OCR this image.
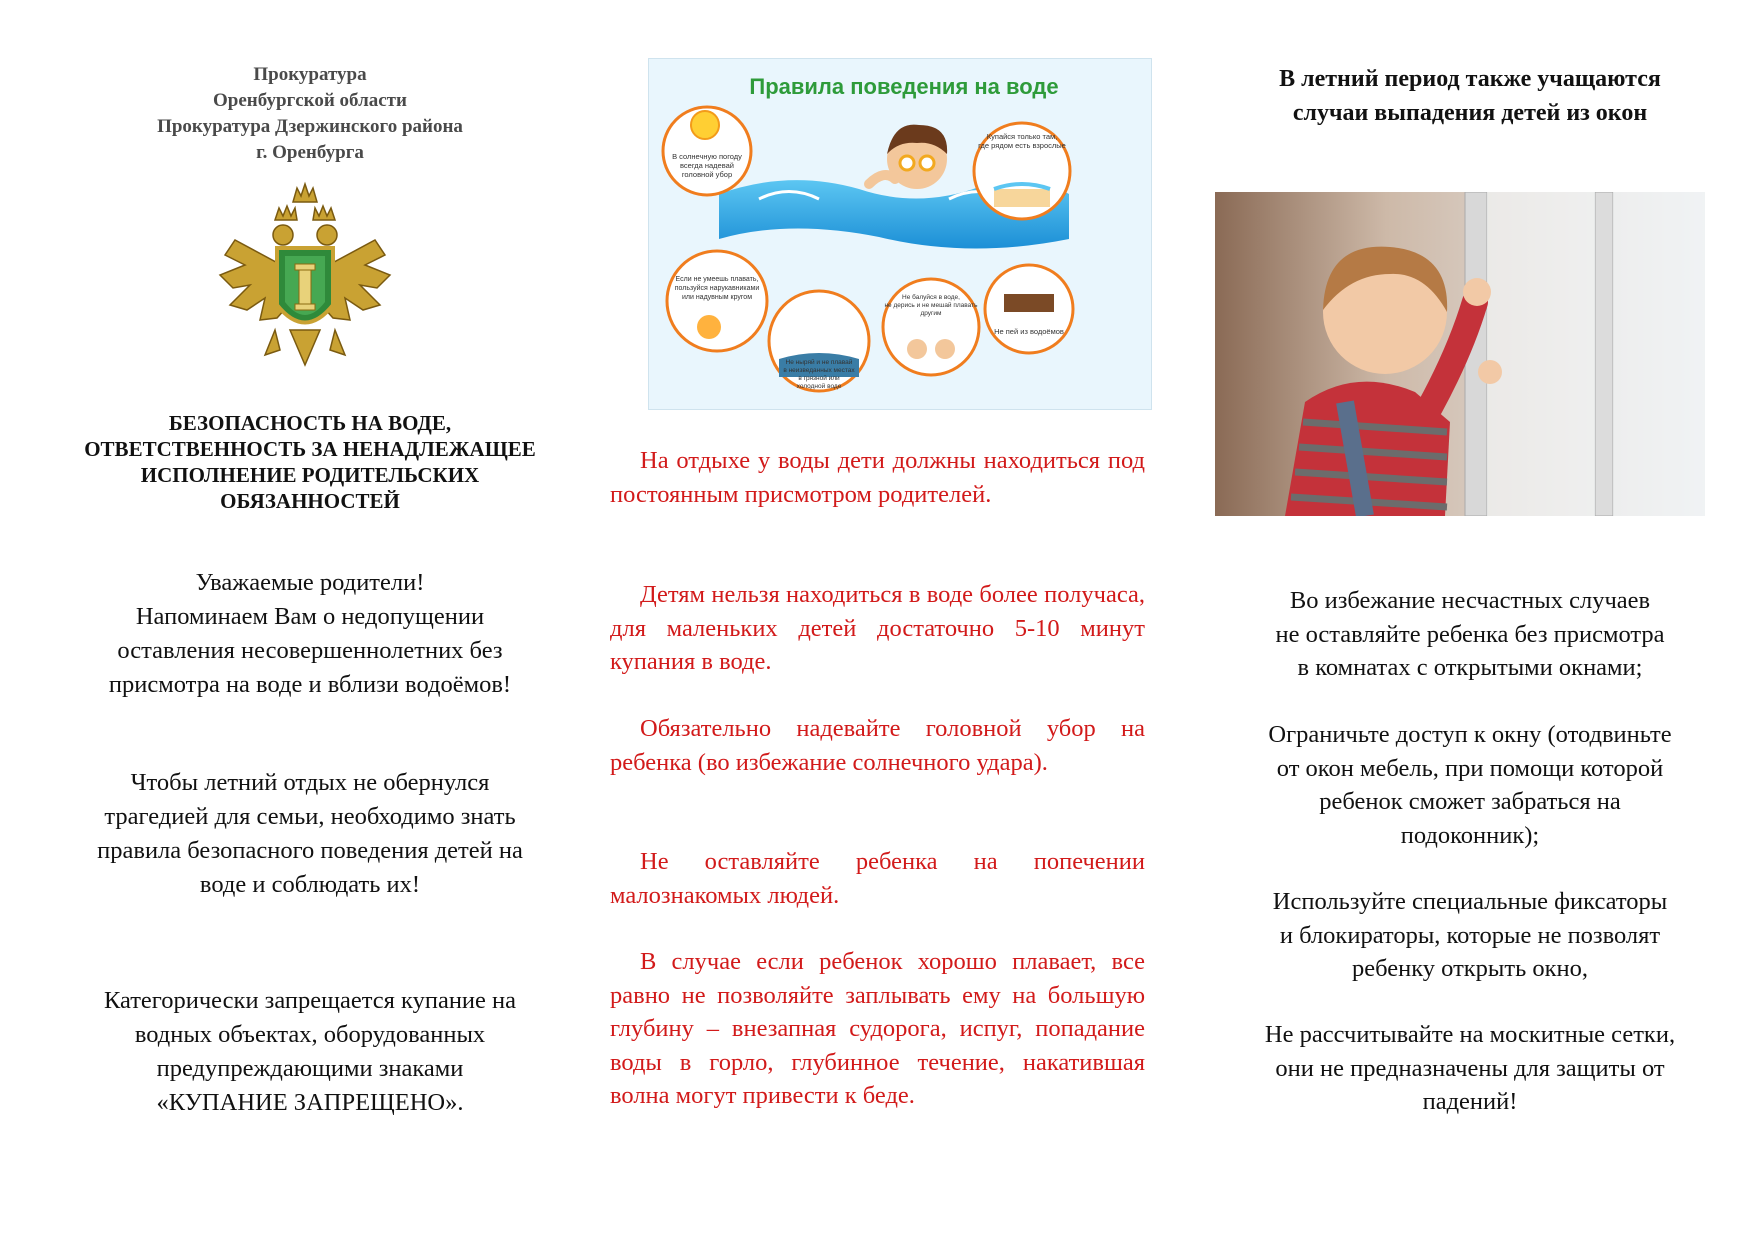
Прокуратура
Оренбургской области
Прокуратура Дзержинского района
г. Оренбурга
БЕЗОПАСНОСТЬ НА ВОДЕ,
ОТВЕТСТВЕННОСТЬ ЗА НЕНАДЛЕЖАЩЕЕ
ИСПОЛНЕНИЕ РОДИТЕЛЬСКИХ
ОБЯЗАННОСТЕЙ
Уважаемые родители!
Напоминаем Вам о недопущении
оставления несовершеннолетних без
присмотра на воде и вблизи водоёмов!
Чтобы летний отдых не обернулся
трагедией для семьи, необходимо знать
правила безопасного поведения детей на
воде и соблюдать их!
Категорически запрещается купание на
водных объектах, оборудованных
предупреждающими знаками
«КУПАНИЕ ЗАПРЕЩЕНО».
Правила поведения на воде
В солнечную погоду всегда надевай головной убор
Купайся только там, где рядом есть взрослые
Если не умеешь плавать, пользуйся нарукавниками или надувным кругом
Не ныряй и не плавай в неизведанных местах в грязной или холодной воде
Не балуйся в воде, не дерись и не мешай плавать другим
Не пей из водоёмов
На отдыхе у воды дети должны находиться под постоянным присмотром родителей.
Детям нельзя находиться в воде более получаса, для маленьких детей достаточно 5-10 минут купания в воде.
Обязательно надевайте головной убор на ребенка (во избежание солнечного удара).
Не оставляйте ребенка на попечении малознакомых людей.
В случае если ребенок хорошо плавает, все равно не позволяйте заплывать ему на большую глубину – внезапная судорога, испуг, попадание воды в горло, глубинное течение, накатившая волна могут привести к беде.
В летний период также учащаются
случаи выпадения детей из окон
Во избежание несчастных случаев
не оставляйте ребенка без присмотра
в комнатах с открытыми окнами;
Ограничьте доступ к окну (отодвиньте
от окон мебель, при помощи которой
ребенок сможет забраться на
подоконник);
Используйте специальные фиксаторы
и блокираторы, которые не позволят
ребенку открыть окно,
Не рассчитывайте на москитные сетки,
они не предназначены для защиты от
падений!
